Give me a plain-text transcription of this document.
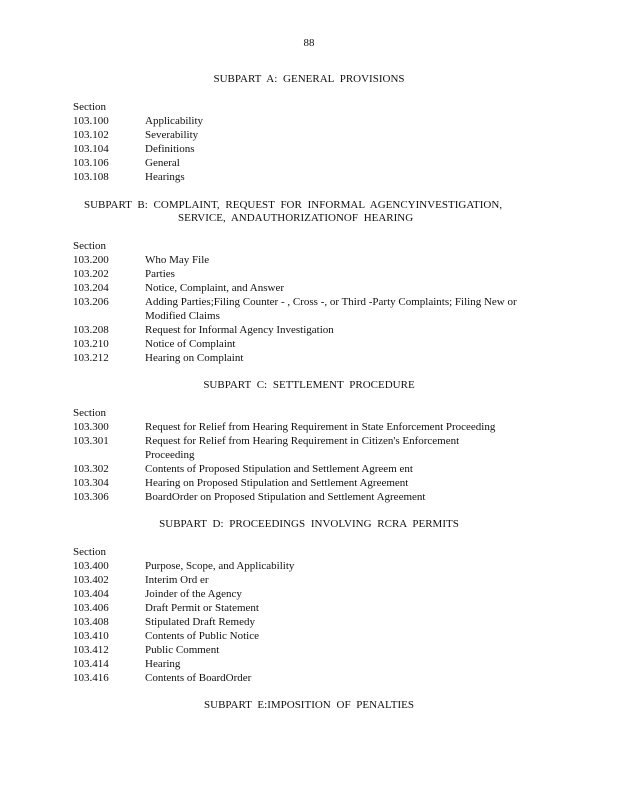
88
SUBPART A: GENERAL PROVISIONS
Section
103.100	Applicability
103.102	Severability
103.104	Definitions
103.106	General
103.108	Hearings
SUBPART B: COMPLAINT, REQUEST FOR INFORMAL AGENCYINVESTIGATION,
SERVICE, ANDAUTHORIZATIONOF HEARING
Section
103.200	Who May File
103.202	Parties
103.204	Notice, Complaint, and Answer
103.206	Adding Parties;Filing Counter - , Cross -, or Third -Party Complaints; Filing New or Modified Claims
103.208	Request for Informal Agency Investigation
103.210	Notice of Complaint
103.212	Hearing on Complaint
SUBPART C: SETTLEMENT PROCEDURE
Section
103.300	Request for Relief from Hearing Requirement in State Enforcement Proceeding
103.301	Request for Relief from Hearing Requirement in Citizen's Enforcement Proceeding
103.302	Contents of Proposed Stipulation and Settlement Agreem ent
103.304	Hearing on Proposed Stipulation and Settlement Agreement
103.306	BoardOrder on Proposed Stipulation and Settlement Agreement
SUBPART D: PROCEEDINGS INVOLVING RCRA PERMITS
Section
103.400	Purpose, Scope, and Applicability
103.402	Interim Ord er
103.404	Joinder of the Agency
103.406	Draft Permit or Statement
103.408	Stipulated Draft Remedy
103.410	Contents of Public Notice
103.412	Public Comment
103.414	Hearing
103.416	Contents of BoardOrder
SUBPART E:IMPOSITION OF PENALTIES
